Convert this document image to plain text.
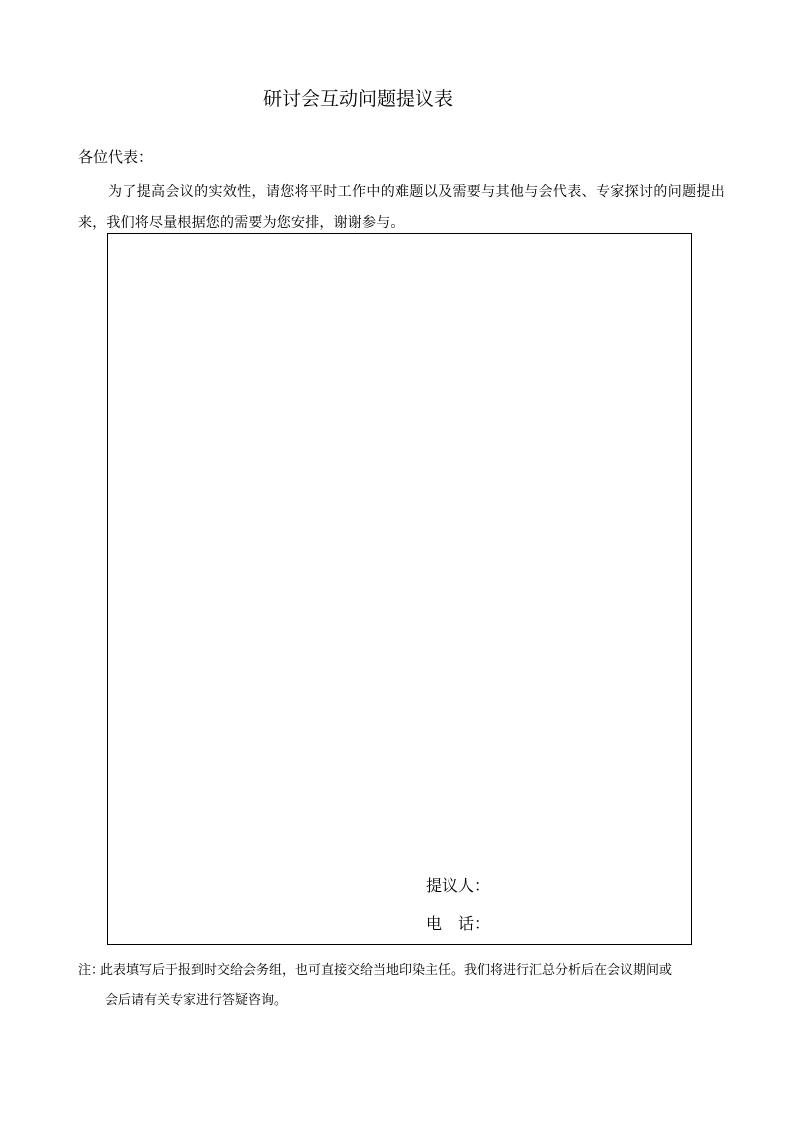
研讨会互动问题提议表

各位代表：

为了提高会议的实效性，请您将平时工作中的难题以及需要与其他与会代表、专家探讨的问题提出来，我们将尽量根据您的需要为您安排，谢谢参与。

提议人：

电　话：

注：此表填写后于报到时交给会务组，也可直接交给当地印染主任。我们将进行汇总分析后在会议期间或
会后请有关专家进行答疑咨询。
